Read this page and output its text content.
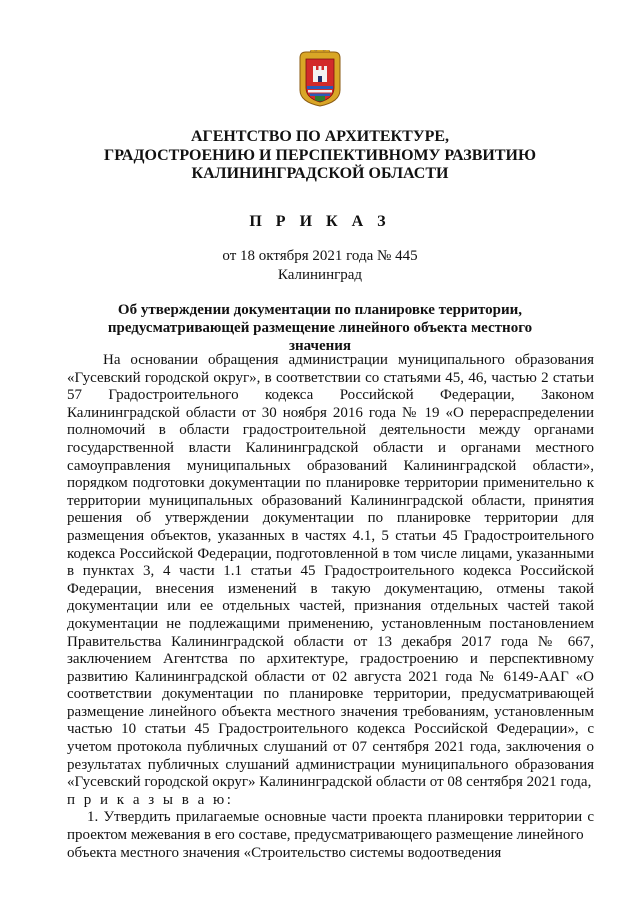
АГЕНТСТВО ПО АРХИТЕКТУРЕ,
ГРАДОСТРОЕНИЮ И ПЕРСПЕКТИВНОМУ РАЗВИТИЮ
КАЛИНИНГРАДСКОЙ ОБЛАСТИ
П Р И К А З
от 18 октября 2021 года № 445
Калининград
Об утверждении документации по планировке территории,
предусматривающей размещение линейного объекта местного значения

На основании обращения администрации муниципального образования «Гусевский городской округ», в соответствии со статьями 45, 46, частью 2 статьи 57 Градостроительного кодекса Российской Федерации, Законом Калининградской области от 30 ноября 2016 года № 19 «О перераспределении полномочий в области градостроительной деятельности между органами государственной власти Калининградской области и органами местного самоуправления муниципальных образований Калининградской области», порядком подготовки документации по планировке территории применительно к территории муниципальных образований Калининградской области, принятия решения об утверждении документации по планировке территории для размещения объектов, указанных в частях 4.1, 5 статьи 45 Градостроительного кодекса Российской Федерации, подготовленной в том числе лицами, указанными в пунктах 3, 4 части 1.1 статьи 45 Градостроительного кодекса Российской Федерации, внесения изменений в такую документацию, отмены такой документации или ее отдельных частей, признания отдельных частей такой документации не подлежащими применению, установленным постановлением Правительства Калининградской области от 13 декабря 2017 года № 667, заключением Агентства по архитектуре, градостроению и перспективному развитию Калининградской области от 02 августа 2021 года № 6149-ААГ «О соответствии документации по планировке территории, предусматривающей размещение линейного объекта местного значения требованиям, установленным частью 10 статьи 45 Градостроительного кодекса Российской Федерации», с учетом протокола публичных слушаний от 07 сентября 2021 года, заключения о результатах публичных слушаний администрации муниципального образования «Гусевский городской округ» Калининградской области от 08 сентября 2021 года,

п р и к а з ы в а ю:

1. Утвердить прилагаемые основные части проекта планировки территории с проектом межевания в его составе, предусматривающего размещение линейного

объекта местного значения «Строительство системы водоотведения
